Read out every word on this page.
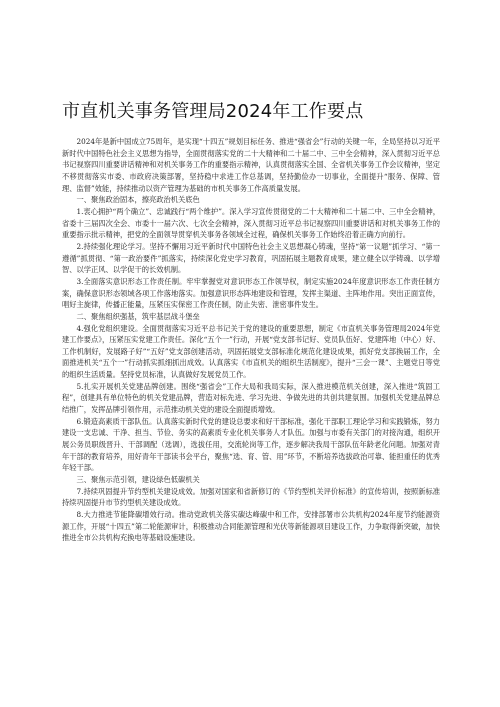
市直机关事务管理局2024年工作要点

2024年是新中国成立75周年，是实现“十四五”规划目标任务、推进“强省会”行动的关键一年，全局坚持以习近平新时代中国特色社会主义思想为指导，全面贯彻落实党的二十大精神和二十届二中、三中全会精神，深入贯彻习近平总书记视察四川重要讲话精神和对机关事务工作的重要指示精神，认真贯彻落实全国、全省机关事务工作会议精神，坚定不移贯彻落实市委、市政府决策部署，坚持稳中求进工作总基调，坚持勤俭办一切事业，全面提升“服务、保障、管理、监督”效能，持续推动以资产管理为基础的市机关事务工作高质量发展。

一、聚焦政治固本，擦亮政治机关底色

1.衷心拥护“两个确立”、忠诚践行“两个维护”。深入学习宣传贯彻党的二十大精神和二十届二中、三中全会精神，省委十三届四次全会、市委十一届六次、七次全会精神，深入贯彻习近平总书记视察四川重要讲话和对机关事务工作的重要指示批示精神，把党的全面领导贯穿机关事务各领域全过程，确保机关事务工作始终沿着正确方向前行。

2.持续强化理论学习。坚持不懈用习近平新时代中国特色社会主义思想凝心铸魂，坚持“第一议题”抓学习、“第一遵循”抓贯彻、“第一政治要件”抓落实，持续深化党史学习教育，巩固拓展主题教育成果，建立健全以学铸魂、以学增智、以学正风、以学促干的长效机制。

3.全面落实意识形态工作责任制。牢牢掌握党对意识形态工作领导权，制定实施2024年度意识形态工作责任制方案，确保意识形态领域各项工作落地落实。加强意识形态阵地建设和管理，发挥主渠道、主阵地作用。突出正面宣传，唱好主旋律，传播正能量，压紧压实保密工作责任制，防止失密、泄密事件发生。

二、聚焦组织强基，筑牢基层战斗堡垒

4.强化党组织建设。全面贯彻落实习近平总书记关于党的建设的重要思想，制定《市直机关事务管理局2024年党建工作要点》，压紧压实党建工作责任。深化“五个一”行动，开展“党支部书记好、党员队伍好、党建阵地（中心）好、工作机制好，发展路子好”“五好”党支部创建活动，巩固拓展党支部标准化规范化建设成果，抓好党支部换届工作，全面推进机关“五个一”行动抓实抓细抓出成效。认真落实《市直机关的组织生活制度》，提升“三会一课”、主题党日等党的组织生活质量。坚持党员标准，认真做好发展党员工作。

5.扎实开展机关党建品牌创建。围绕“强省会”工作大局和我局实际，深入推进模范机关创建，深入推进“筑固工程”，创建具有单位特色的机关党建品牌，营造对标先进、学习先进、争做先进的共创共建氛围。加强机关党建品牌总结推广，发挥品牌引领作用，示范推动机关党的建设全面提质增效。

6.锻造高素质干部队伍。认真落实新时代党的建设总要求和好干部标准，强化干部职工理论学习和实践锻炼，努力建设一支忠诚、干净、担当、节俭、务实的高素质专业化机关事务人才队伍。加强与市委有关部门的对接沟通，组织开展公务员职级晋升、干部调配（选调），选拔任用，交流轮岗等工作，逐步解决我局干部队伍年龄老化问题。加强对青年干部的教育培养，用好青年干部读书会平台，聚焦“选、育、管、用”环节，不断培养选拔政治可靠、能担重任的优秀年轻干部。

三、聚焦示范引领，建设绿色低碳机关

7.持续巩固提升节约型机关建设成效。加强对国家和省新修订的《节约型机关评价标准》的宣传培训，按照新标准持续巩固提升市节约型机关建设成效。

8.大力推进节能降碳增效行动。推动党政机关落实碳达峰碳中和工作，安排部署市公共机构2024年度节约能源资源工作，开展“十四五”第二轮能源审计，积极推动合同能源管理和光伏等新能源项目建设工作，力争取得新突破，加快推进全市公共机构充换电等基础设施建设。
